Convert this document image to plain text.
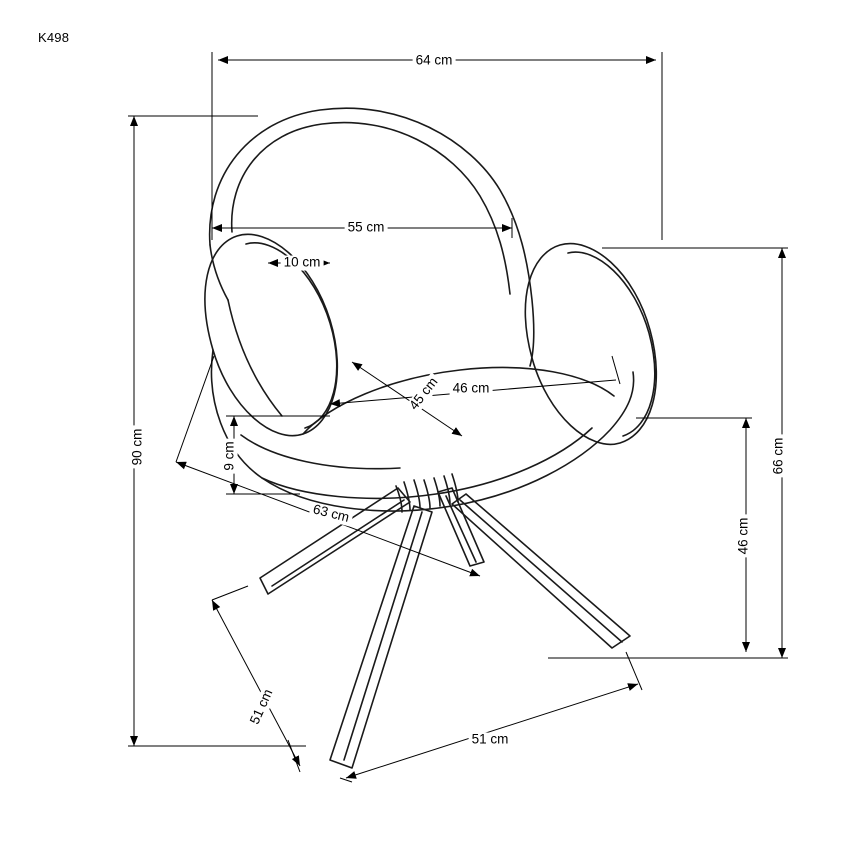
K498
64 cm
55 cm
10 cm
46 cm
45 cm
63 cm
90 cm	66 cm
46 cm
9 cm
51 cm
51 cm
